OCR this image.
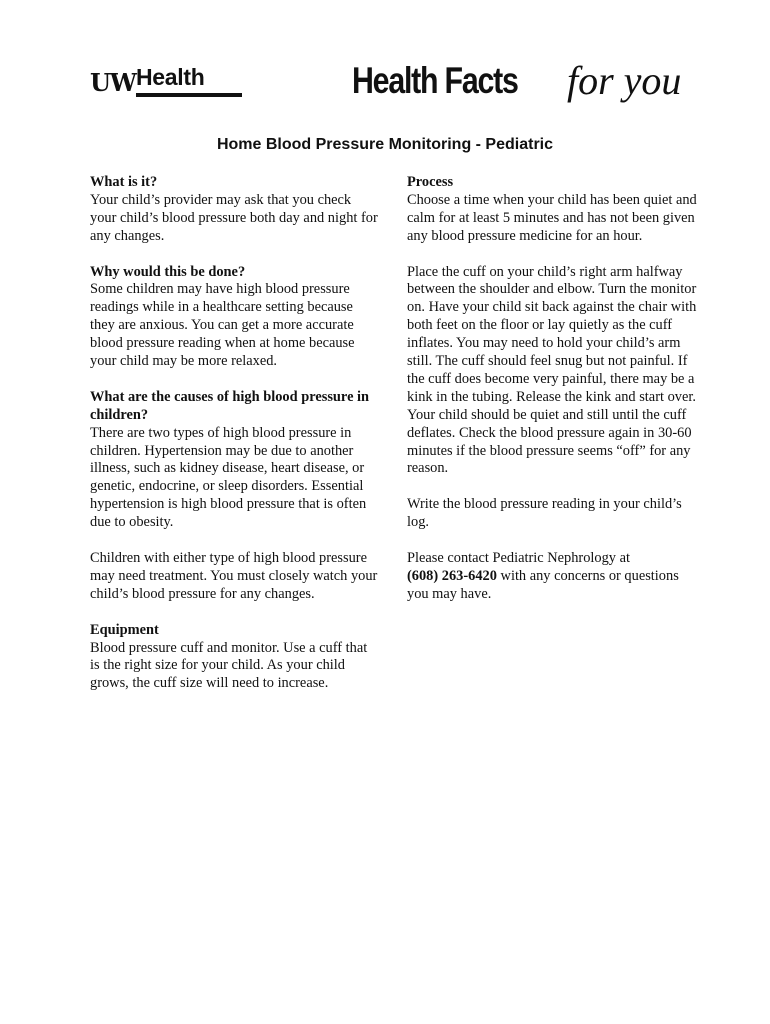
UW Health	Health Facts for you
Home Blood Pressure Monitoring - Pediatric
What is it?
Your child’s provider may ask that you check your child’s blood pressure both day and night for any changes.
Why would this be done?
Some children may have high blood pressure readings while in a healthcare setting because they are anxious. You can get a more accurate blood pressure reading when at home because your child may be more relaxed.
What are the causes of high blood pressure in children?
There are two types of high blood pressure in children. Hypertension may be due to another illness, such as kidney disease, heart disease, or genetic, endocrine, or sleep disorders. Essential hypertension is high blood pressure that is often due to obesity.
Children with either type of high blood pressure may need treatment. You must closely watch your child’s blood pressure for any changes.
Equipment
Blood pressure cuff and monitor. Use a cuff that is the right size for your child. As your child grows, the cuff size will need to increase.
Process
Choose a time when your child has been quiet and calm for at least 5 minutes and has not been given any blood pressure medicine for an hour.
Place the cuff on your child’s right arm halfway between the shoulder and elbow. Turn the monitor on. Have your child sit back against the chair with both feet on the floor or lay quietly as the cuff inflates. You may need to hold your child’s arm still. The cuff should feel snug but not painful. If the cuff does become very painful, there may be a kink in the tubing. Release the kink and start over. Your child should be quiet and still until the cuff deflates. Check the blood pressure again in 30-60 minutes if the blood pressure seems “off” for any reason.
Write the blood pressure reading in your child’s log.
Please contact Pediatric Nephrology at
(608) 263-6420 with any concerns or questions you may have.
